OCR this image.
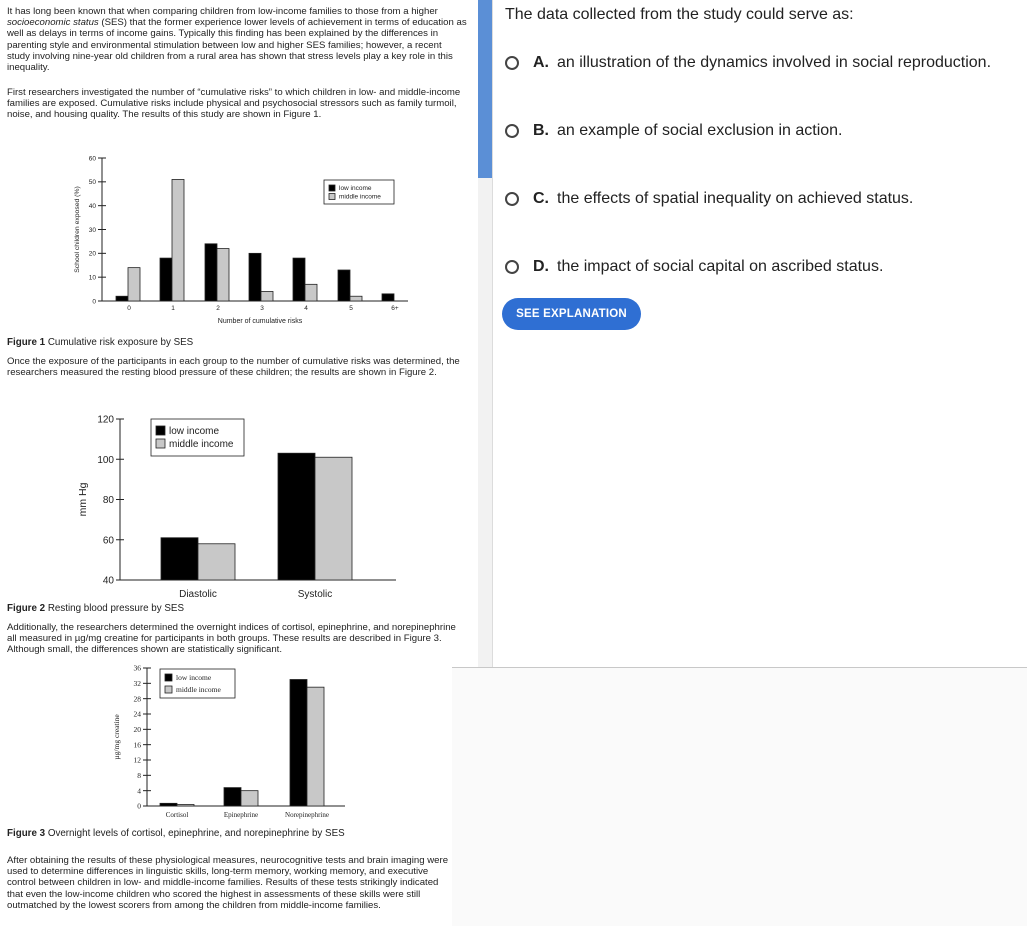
It has long been known that when comparing children from low-income families to those from a higher socioeconomic status (SES) that the former experience lower levels of achievement in terms of education as well as delays in terms of income gains. Typically this finding has been explained by the differences in parenting style and environmental stimulation between low and higher SES families; however, a recent study involving nine-year old children from a rural area has shown that stress levels play a key role in this inequality.

First researchers investigated the number of “cumulative risks” to which children in low- and middle-income families are exposed. Cumulative risks include physical and psychosocial stressors such as family turmoil, noise, and housing quality. The results of this study are shown in Figure 1.

0
10
20
30
40
50
60
School children exposed (%)
0	1	2	3	4	5	6+
Number of cumulative risks
low income
middle income
Figure 1 Cumulative risk exposure by SES

Once the exposure of the participants in each group to the number of cumulative risks was determined, the researchers measured the resting blood pressure of these children; the results are shown in Figure 2.

40
60
80
100
120
mm Hg
Diastolic	Systolic
low income
middle income
Figure 2 Resting blood pressure by SES

Additionally, the researchers determined the overnight indices of cortisol, epinephrine, and norepinephrine all measured in µg/mg creatine for participants in both groups. These results are described in Figure 3. Although small, the differences shown are statistically significant.

0
4
8
12
16
20
24
28
32
36
µg/mg creatine
Cortisol	Epinephrine	Norepinephrine
low income
middle income
Figure 3 Overnight levels of cortisol, epinephrine, and norepinephrine by SES

After obtaining the results of these physiological measures, neurocognitive tests and brain imaging were used to determine differences in linguistic skills, long-term memory, working memory, and executive control between children in low- and middle-income families. Results of these tests strikingly indicated that even the low-income children who scored the highest in assessments of these skills were still outmatched by the lowest scorers from among the children from middle-income families.

The data collected from the study could serve as:
A. an illustration of the dynamics involved in social reproduction.
B. an example of social exclusion in action.
C. the effects of spatial inequality on achieved status.
D. the impact of social capital on ascribed status.
SEE EXPLANATION
